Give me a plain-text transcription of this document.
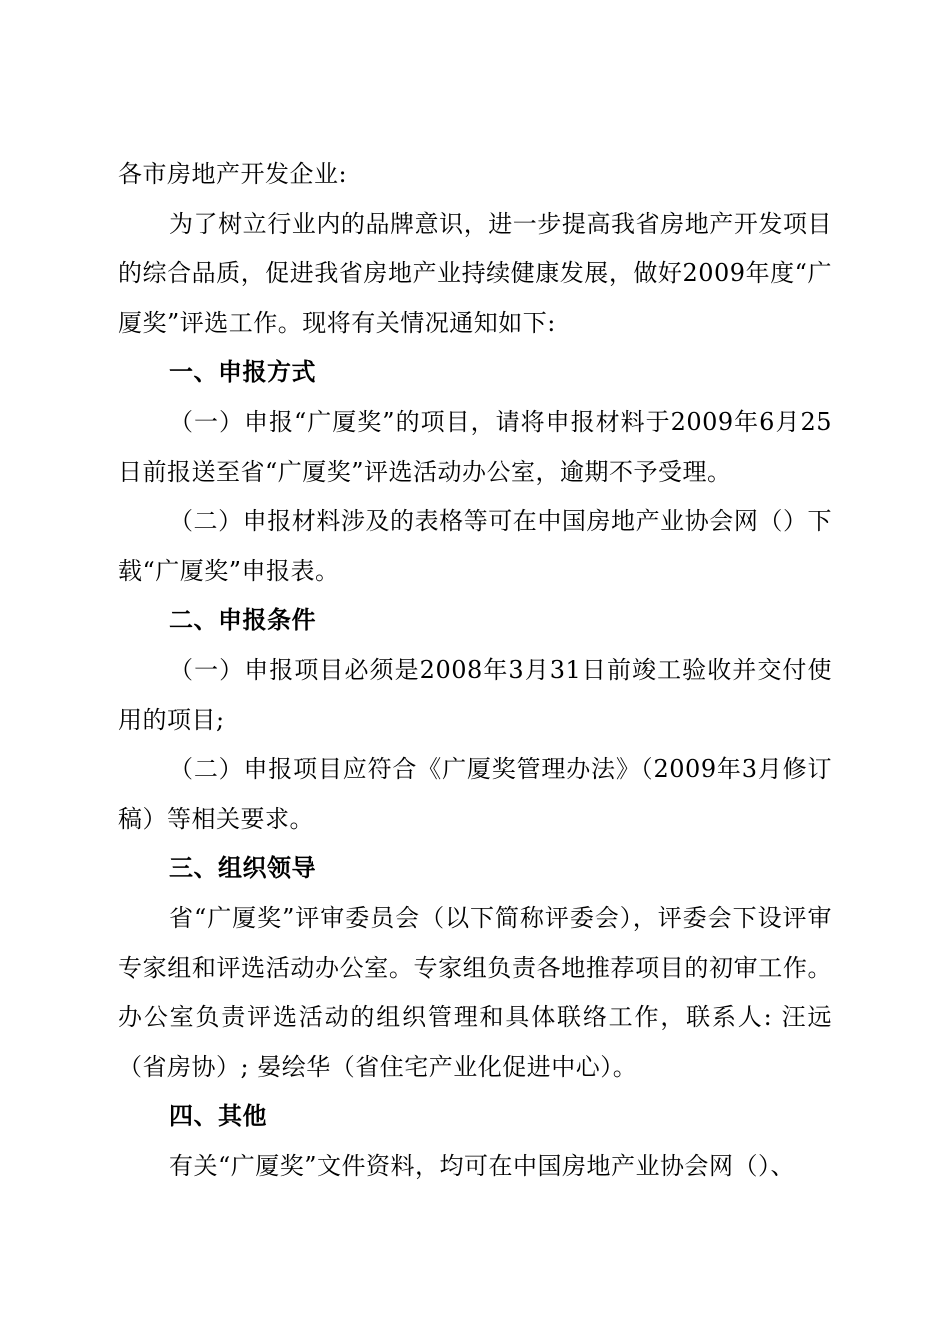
各市房地产开发企业:

为了树立行业内的品牌意识，进一步提高我省房地产开发项目的综合品质，促进我省房地产业持续健康发展，做好2009年度“广厦奖”评选工作。现将有关情况通知如下:

一、申报方式

（一）申报“广厦奖”的项目，请将申报材料于2009年6月25日前报送至省“广厦奖”评选活动办公室，逾期不予受理。

（二）申报材料涉及的表格等可在中国房地产业协会网（）下载“广厦奖”申报表。

二、申报条件

（一）申报项目必须是2008年3月31日前竣工验收并交付使用的项目;

（二）申报项目应符合《广厦奖管理办法》（2009年3月修订稿）等相关要求。

三、组织领导

省“广厦奖”评审委员会（以下简称评委会），评委会下设评审专家组和评选活动办公室。专家组负责各地推荐项目的初审工作。办公室负责评选活动的组织管理和具体联络工作，联系人: 汪远（省房协）; 晏绘华（省住宅产业化促进中心）。

四、其他

有关“广厦奖”文件资料，均可在中国房地产业协会网（）、
